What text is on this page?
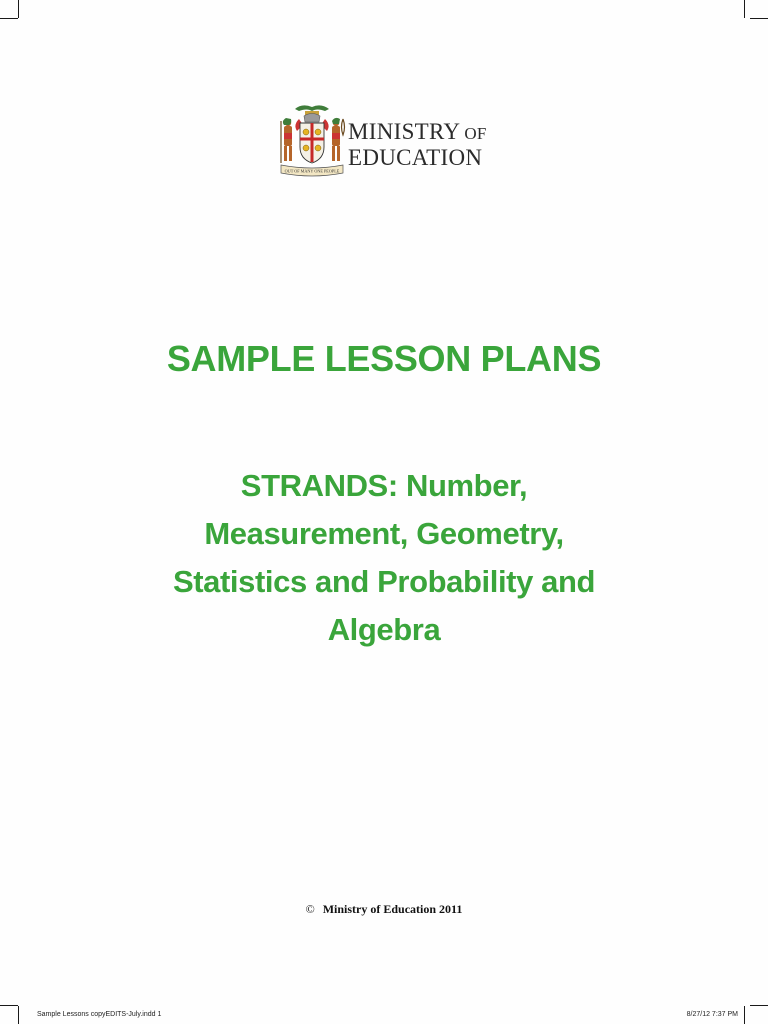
OUT OF MANY ONE PEOPLE
MINISTRY OF
EDUCATION
SAMPLE LESSON PLANS
STRANDS: Number,
Measurement, Geometry,
Statistics and Probability and
Algebra
© Ministry of Education 2011
Sample Lessons copyEDITS-July.indd 1	8/27/12 7:37 PM
